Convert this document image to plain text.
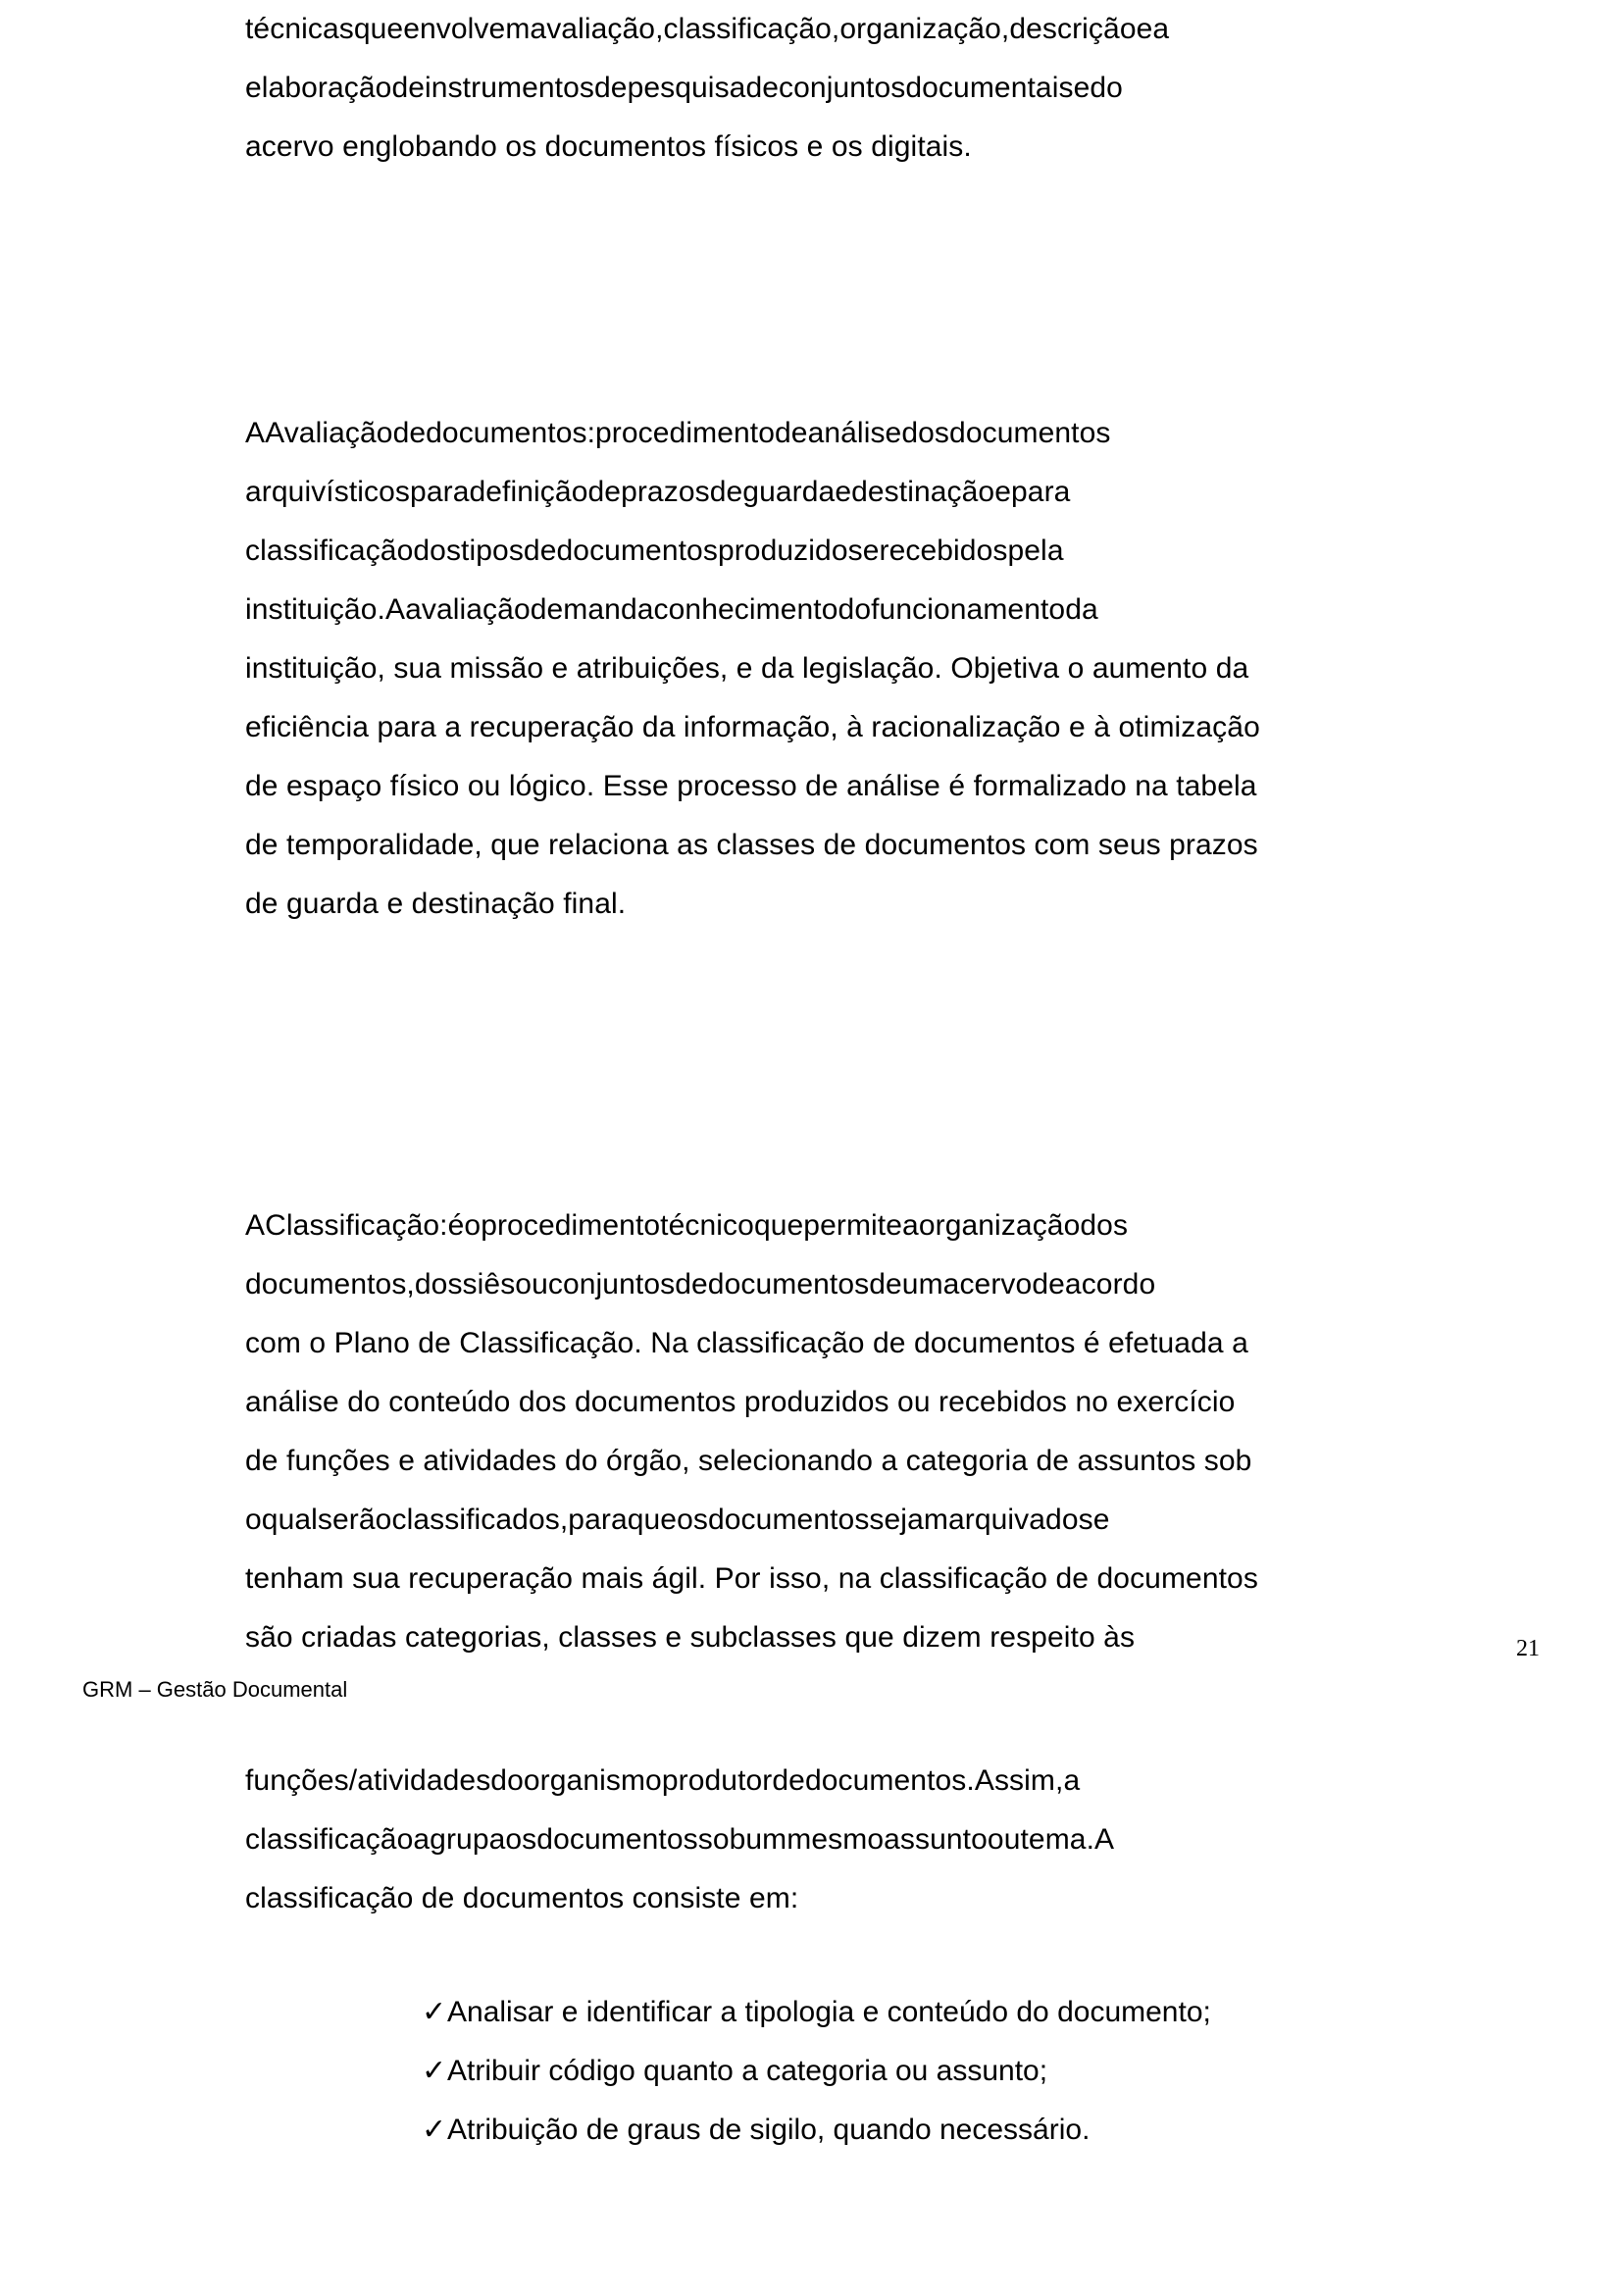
técnicasqueenvolvemavaliação,classificação,organização,descriçãoea
elaboraçãodeinstrumentosdepesquisadeconjuntosdocumentaisedo
acervo englobando os documentos físicos e os digitais.
AAvaliaçãodedocumentos:procedimentodeanálisedosdocumentos
arquivísticosparadefiniçãodeprazosdeguardaedestinaçãoepara
classificaçãodostiposdedocumentosproduzidoserecebidospela
instituição.Aavaliaçãodemandaconhecimentodofuncionamentoda
instituição, sua missão e atribuições, e da legislação. Objetiva o aumento da
eficiência para a recuperação da informação, à racionalização e à otimização
de espaço físico ou lógico. Esse processo de análise é formalizado na tabela
de temporalidade, que relaciona as classes de documentos com seus prazos
de guarda e destinação final.
AClassificação:éoprocedimentotécnicoquepermiteaorganizaçãodos
documentos,dossiêsouconjuntosdedocumentosdeumacervodeacordo
com o Plano de Classificação. Na classificação de documentos é efetuada a
análise do conteúdo dos documentos produzidos ou recebidos no exercício
de funções e atividades do órgão, selecionando a categoria de assuntos sob
oqualserãoclassificados,paraqueosdocumentossejamarquivadose
tenham sua recuperação mais ágil. Por isso, na classificação de documentos
são criadas categorias, classes e subclasses que dizem respeito às
funções/atividadesdoorganismoprodutordedocumentos.Assim,a
classificaçãoagrupaosdocumentossobummesmoassuntooutema.A
classificação de documentos consiste em:
21
GRM – Gestão Documental
✓Analisar e identificar a tipologia e conteúdo do documento;
✓Atribuir código quanto a categoria ou assunto;
✓Atribuição de graus de sigilo, quando necessário.
